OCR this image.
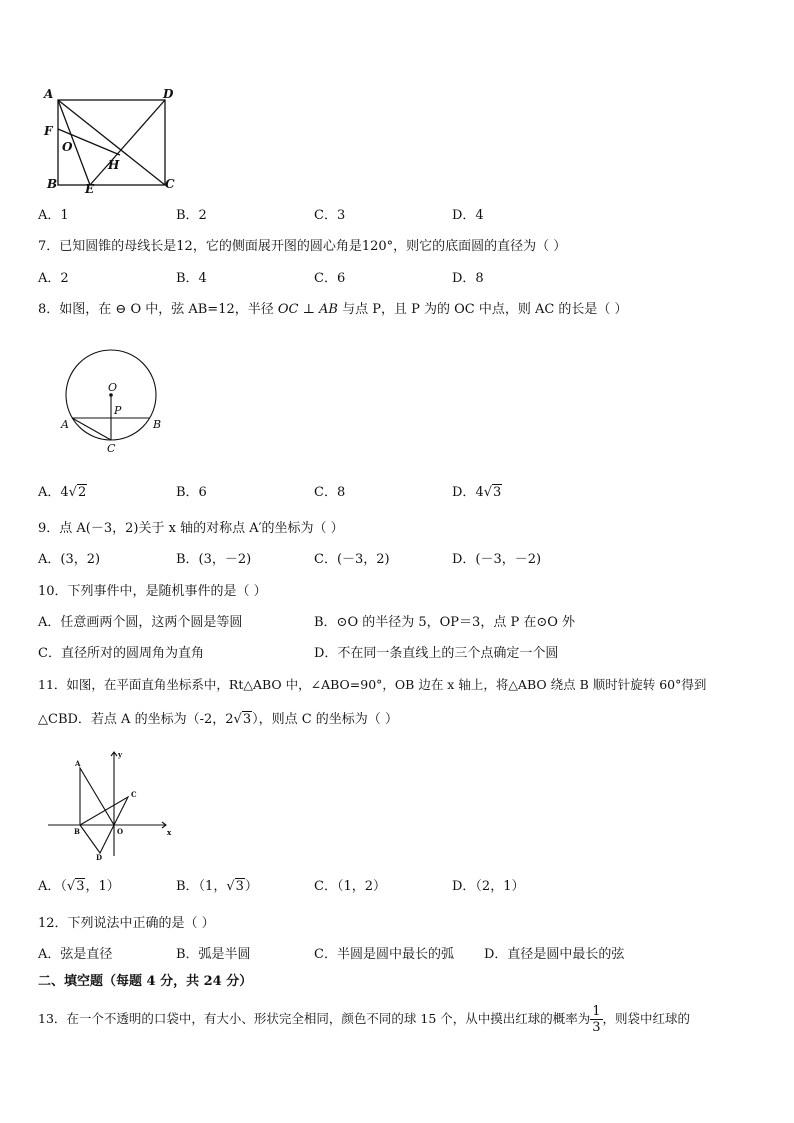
A	D
F
O
H
B E	C
A．1	B．2	C．3	D．4
7．已知圆锥的母线长是12，它的侧面展开图的圆心角是120°，则它的底面圆的直径为（ ）
A．2	B．4	C．6	D．8
8．如图，在 ⊖ O 中，弦 AB=12，半径 OC ⊥ AB 与点 P，且 P 为的 OC 中点，则 AC 的长是（ ）
O
P
A	B
C
A．4√2	B．6	C．8	D．4√3
9．点 A(－3，2)关于 x 轴的对称点 A′的坐标为（ ）
A．(3，2)	B．(3，－2)	C．(－3，2)	D．(－3，－2)
10．下列事件中，是随机事件的是（ ）
A．任意画两个圆，这两个圆是等圆	B．⊙O 的半径为 5，OP＝3，点 P 在⊙O 外
C．直径所对的圆周角为直角	D．不在同一条直线上的三个点确定一个圆
11．如图，在平面直角坐标系中，Rt△ABO 中，∠ABO=90°，OB 边在 x 轴上，将△ABO 绕点 B 顺时针旋转 60°得到
△CBD．若点 A 的坐标为（-2，2√3），则点 C 的坐标为（ ）
y
x
A
B	O
C
D
A．（√3，1）	B．（1，√3）	C．（1，2）	D．（2，1）
12．下列说法中正确的是（ ）
A．弦是直径	B．弧是半圆	C．半圆是圆中最长的弧 D．直径是圆中最长的弦
二、填空题（每题 4 分，共 24 分）
13．在一个不透明的口袋中，有大小、形状完全相同，颜色不同的球 15 个，从中摸出红球的概率为 $\frac{1}{3}$ ，则袋中红球的
